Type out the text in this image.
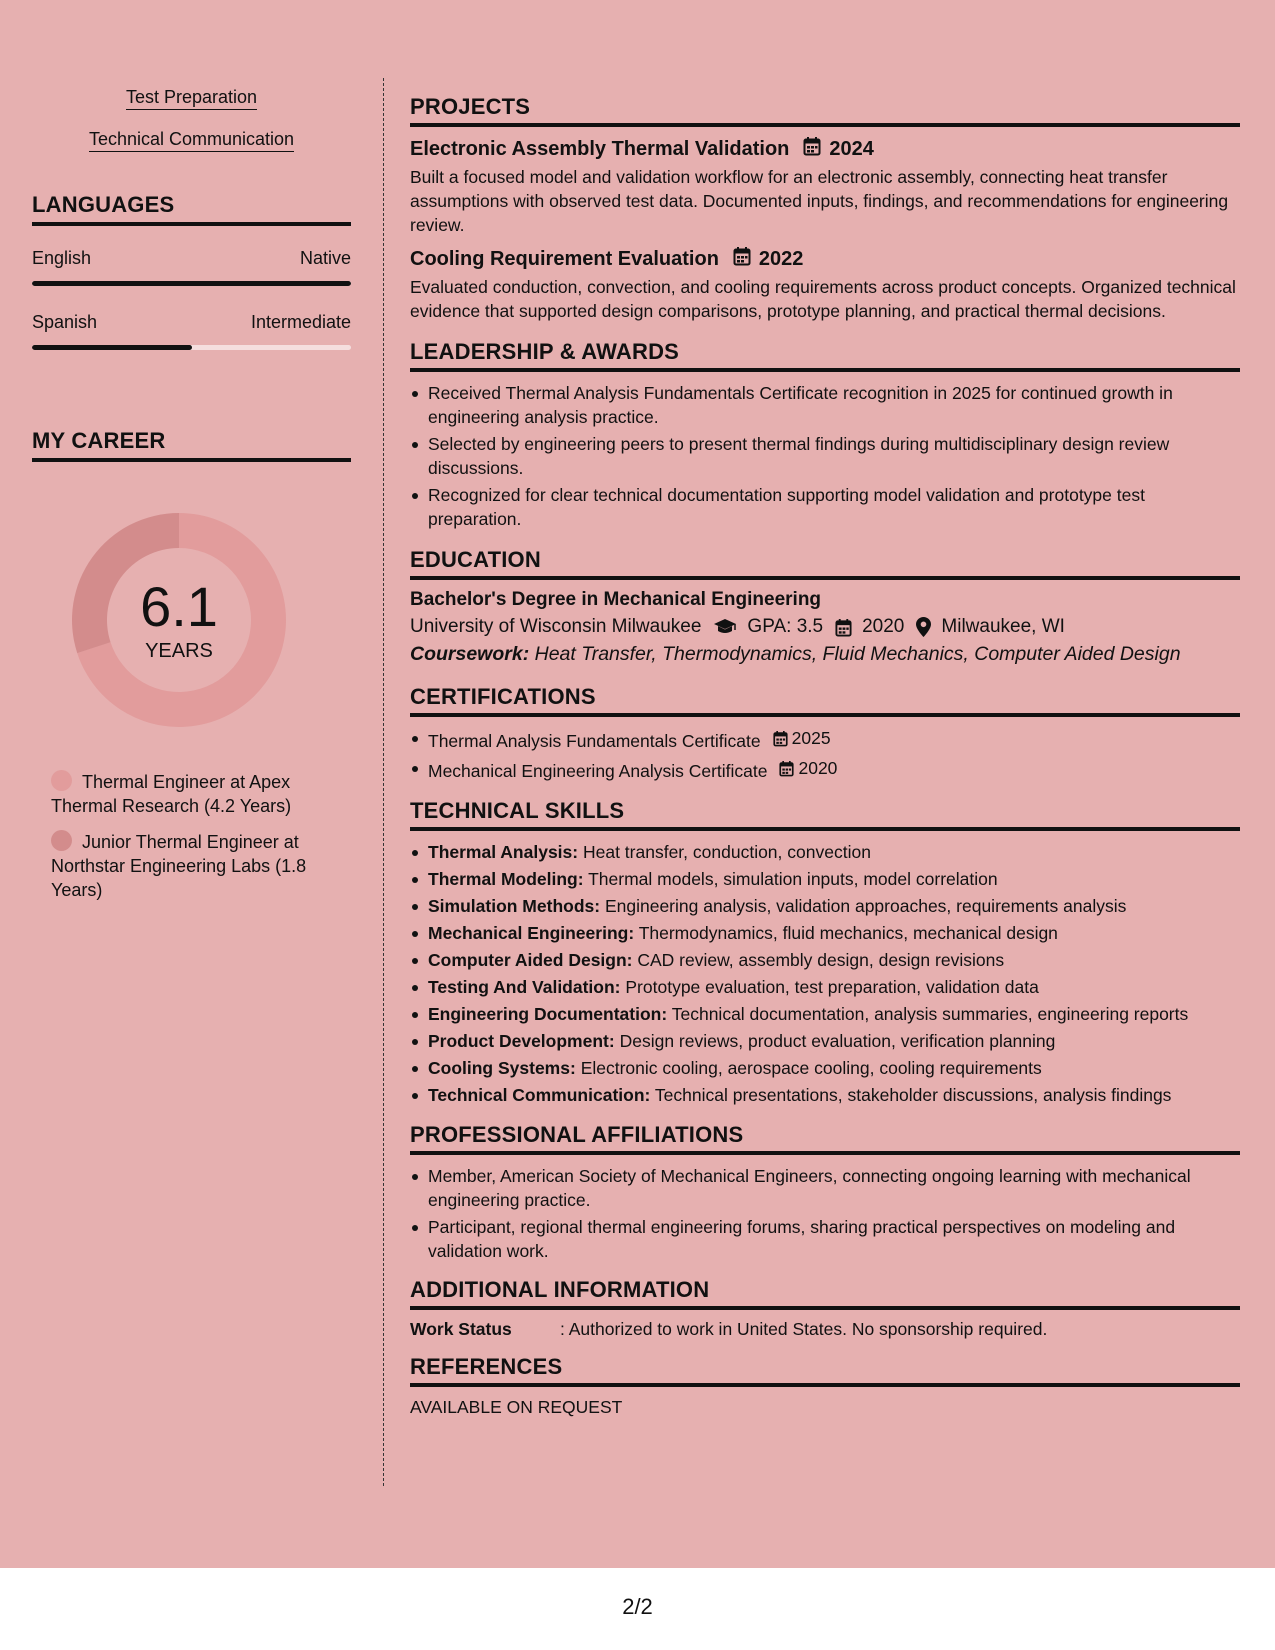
Test Preparation
Technical Communication
LANGUAGES
English	Native
Spanish	Intermediate
MY CAREER
6.1
YEARS
Thermal Engineer at Apex Thermal Research (4.2 Years)
Junior Thermal Engineer at Northstar Engineering Labs (1.8 Years)
PROJECTS
Electronic Assembly Thermal Validation 2024
Built a focused model and validation workflow for an electronic assembly, connecting heat transfer assumptions with observed test data. Documented inputs, findings, and recommendations for engineering review.
Cooling Requirement Evaluation 2022
Evaluated conduction, convection, and cooling requirements across product concepts. Organized technical evidence that supported design comparisons, prototype planning, and practical thermal decisions.
LEADERSHIP & AWARDS
Received Thermal Analysis Fundamentals Certificate recognition in 2025 for continued growth in engineering analysis practice.
Selected by engineering peers to present thermal findings during multidisciplinary design review discussions.
Recognized for clear technical documentation supporting model validation and prototype test preparation.
EDUCATION
Bachelor's Degree in Mechanical Engineering
University of Wisconsin Milwaukee GPA: 3.5 2020 Milwaukee, WI
Coursework: Heat Transfer, Thermodynamics, Fluid Mechanics, Computer Aided Design
CERTIFICATIONS
Thermal Analysis Fundamentals Certificate 2025
Mechanical Engineering Analysis Certificate 2020
TECHNICAL SKILLS
Thermal Analysis: Heat transfer, conduction, convection
Thermal Modeling: Thermal models, simulation inputs, model correlation
Simulation Methods: Engineering analysis, validation approaches, requirements analysis
Mechanical Engineering: Thermodynamics, fluid mechanics, mechanical design
Computer Aided Design: CAD review, assembly design, design revisions
Testing And Validation: Prototype evaluation, test preparation, validation data
Engineering Documentation: Technical documentation, analysis summaries, engineering reports
Product Development: Design reviews, product evaluation, verification planning
Cooling Systems: Electronic cooling, aerospace cooling, cooling requirements
Technical Communication: Technical presentations, stakeholder discussions, analysis findings
PROFESSIONAL AFFILIATIONS
Member, American Society of Mechanical Engineers, connecting ongoing learning with mechanical engineering practice.
Participant, regional thermal engineering forums, sharing practical perspectives on modeling and validation work.
ADDITIONAL INFORMATION
Work Status	: Authorized to work in United States. No sponsorship required.
REFERENCES
AVAILABLE ON REQUEST
2/2
